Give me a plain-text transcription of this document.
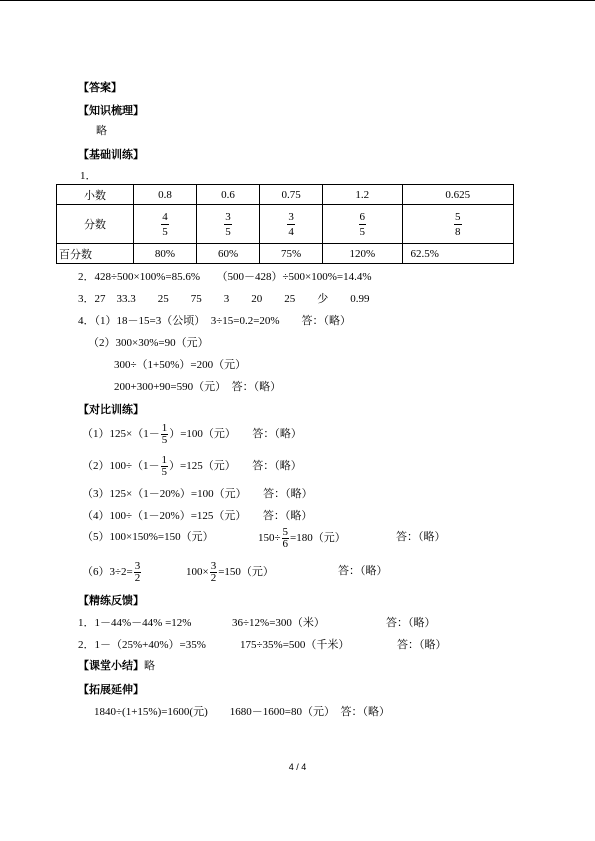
【答案】
【知识梳理】
略
【基础训练】
1．
小数	0.8	0.6	0.75	1.2	0.625
分数	$\frac{4}{5}$	$\frac{3}{5}$	$\frac{3}{4}$	$\frac{6}{5}$	$\frac{5}{8}$

百分数	80%	60%	75%	120%	62.5%
2．428÷500×100%=85.6%　　（500－428）÷500×100%=14.4%
3．27　33.3　　25　　75　　3　　20　　25　　少　　0.99
4．（1）18－15=3（公顷）　3÷15=0.2=20%　　答：（略）
（2）300×30%=90（元）
300÷（1+50%）=200（元）
200+300+90=590（元）　答：（略）
【对比训练】
$(1)125\times(1- \frac{1}{5} )=100$（元）　　答：（略）
$(2)100\div(1- \frac{1}{5} )=125$（元）　　答：（略）
（3）125×（1－20%）=100（元）　　答：（略）
（4）100÷（1－20%）=125（元）　　答：（略）
（5）100×150%=150（元）	$150\div \frac{5}{6} =180$（元）	答：（略）
$(6)3\div 2= \frac{3}{2}$	$100\times \frac{3}{2} =150$（元）	答：（略）
【精练反馈】
1．1－44%－44% =12%	36÷12%=300（米）	答：（略）
2．1－（25%+40%）=35%	175÷35%=500（千米）	答：（略）
【课堂小结】略
【拓展延伸】
1840÷(1+15%)=1600(元)　　1680－1600=80（元）　答：（略）
4 / 4
